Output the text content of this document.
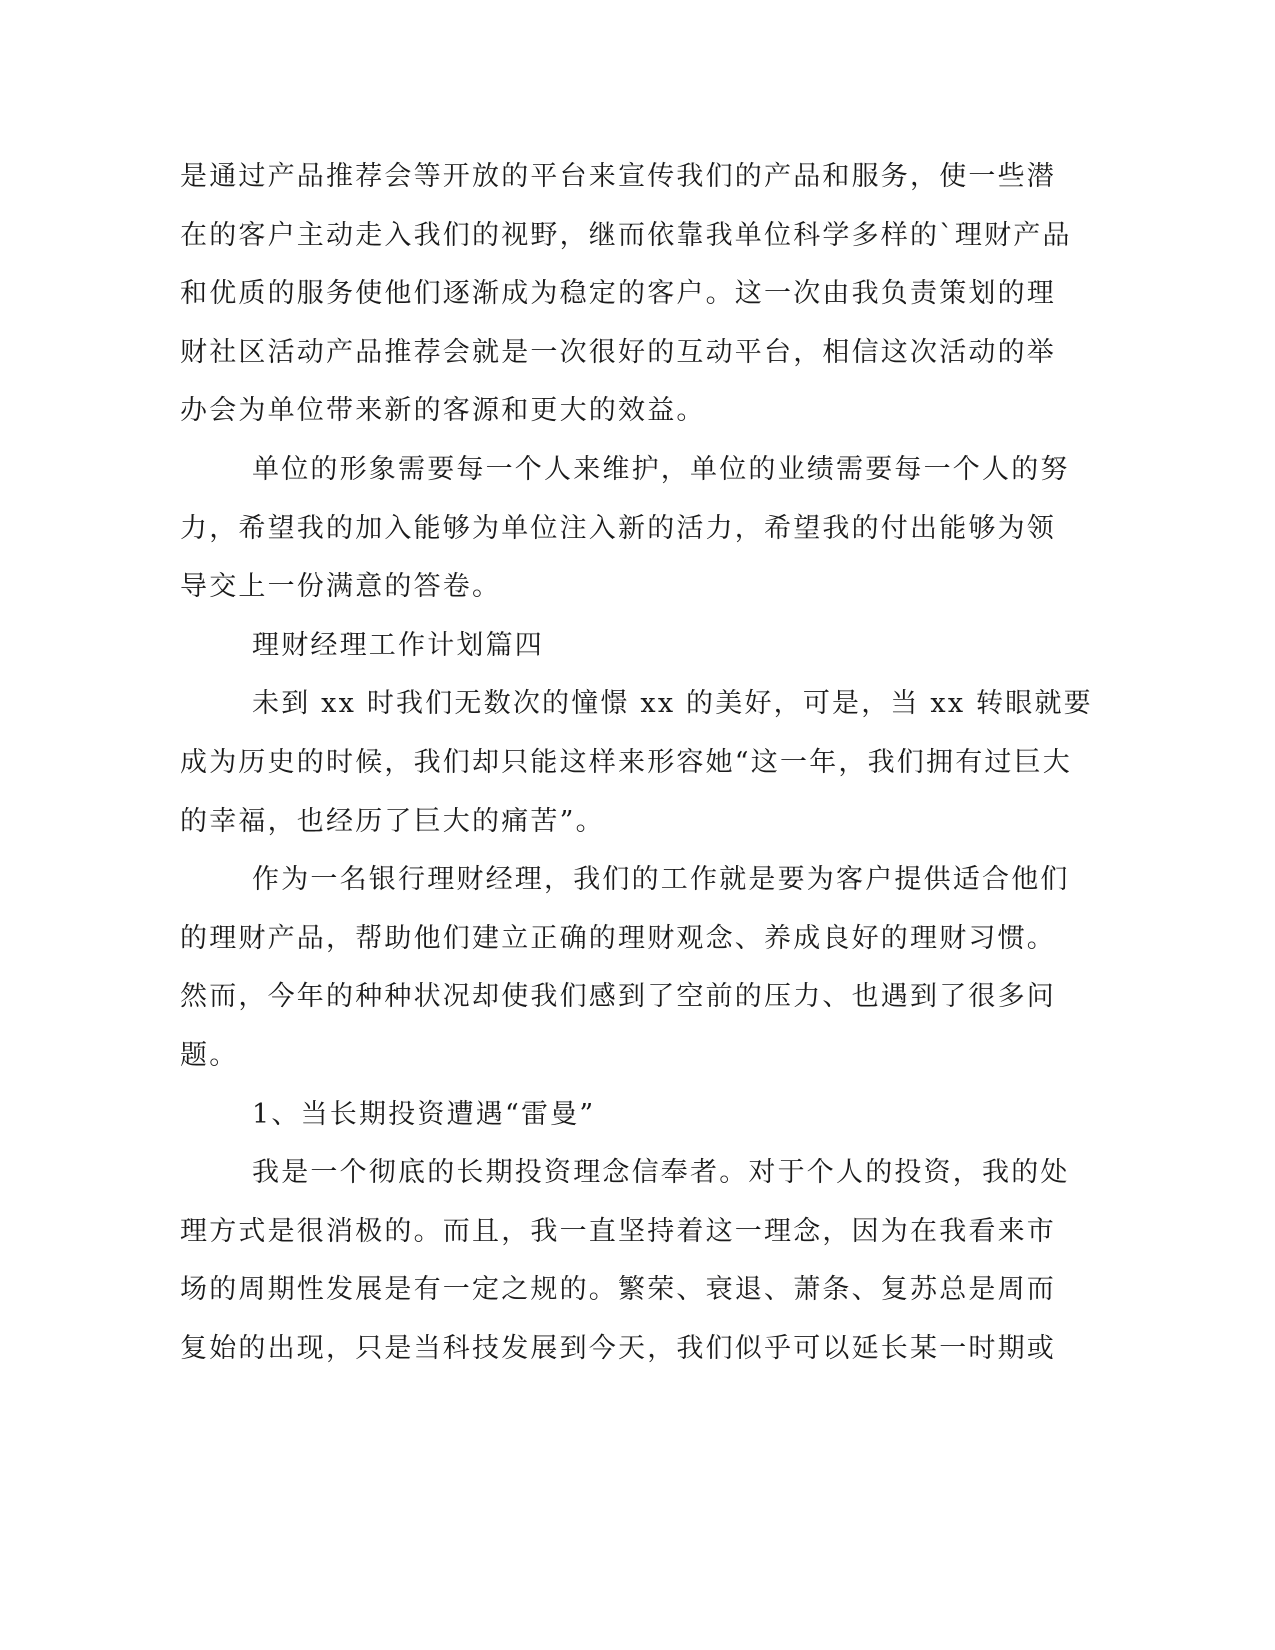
是通过产品推荐会等开放的平台来宣传我们的产品和服务，使一些潜
在的客户主动走入我们的视野，继而依靠我单位科学多样的`理财产品
和优质的服务使他们逐渐成为稳定的客户。这一次由我负责策划的理
财社区活动产品推荐会就是一次很好的互动平台，相信这次活动的举
办会为单位带来新的客源和更大的效益。
单位的形象需要每一个人来维护，单位的业绩需要每一个人的努
力，希望我的加入能够为单位注入新的活力，希望我的付出能够为领
导交上一份满意的答卷。
理财经理工作计划篇四
未到 xx 时我们无数次的憧憬 xx 的美好，可是，当 xx 转眼就要
成为历史的时候，我们却只能这样来形容她“这一年，我们拥有过巨大
的幸福，也经历了巨大的痛苦”。
作为一名银行理财经理，我们的工作就是要为客户提供适合他们
的理财产品，帮助他们建立正确的理财观念、养成良好的理财习惯。
然而，今年的种种状况却使我们感到了空前的压力、也遇到了很多问
题。
1、当长期投资遭遇“雷曼”
我是一个彻底的长期投资理念信奉者。对于个人的投资，我的处
理方式是很消极的。而且，我一直坚持着这一理念，因为在我看来市
场的周期性发展是有一定之规的。繁荣、衰退、萧条、复苏总是周而
复始的出现，只是当科技发展到今天，我们似乎可以延长某一时期或
